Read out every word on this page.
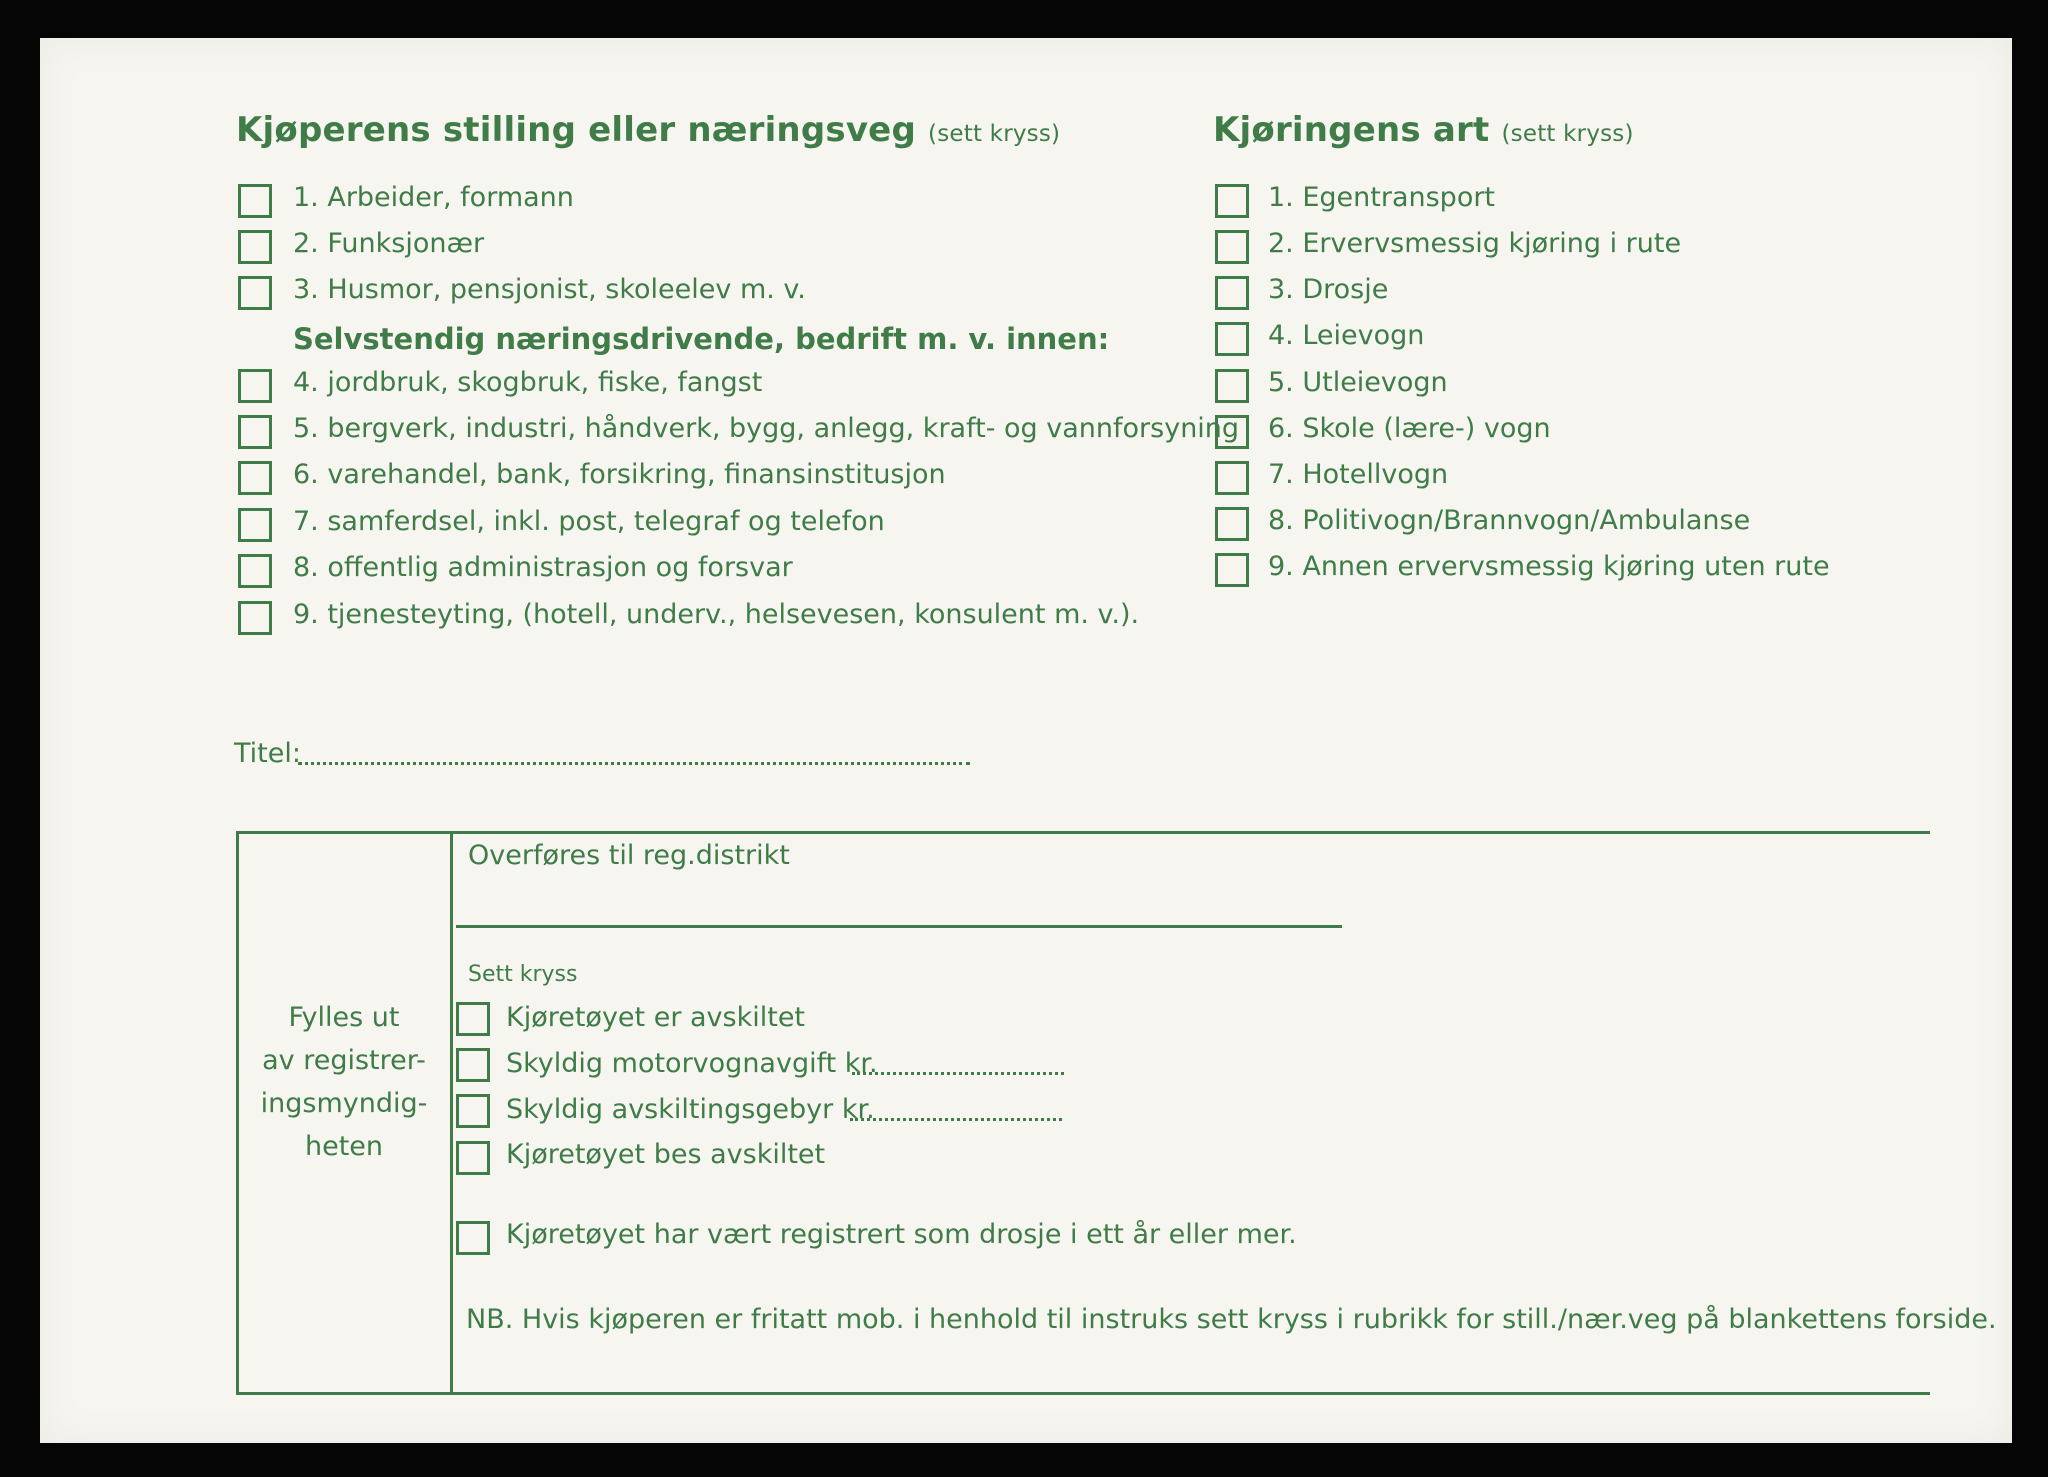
Kjøperens stilling eller næringsveg (sett kryss)	Kjøringens art (sett kryss)
1. Arbeider, formann
2. Funksjonær
3. Husmor, pensjonist, skoleelev m. v.
Selvstendig næringsdrivende, bedrift m. v. innen:
4. jordbruk, skogbruk, fiske, fangst
5. bergverk, industri, håndverk, bygg, anlegg, kraft- og vannforsyning
6. varehandel, bank, forsikring, finansinstitusjon
7. samferdsel, inkl. post, telegraf og telefon
8. offentlig administrasjon og forsvar
9. tjenesteyting, (hotell, underv., helsevesen, konsulent m. v.).
1. Egentransport
2. Ervervsmessig kjøring i rute
3. Drosje
4. Leievogn
5. Utleievogn
6. Skole (lære-) vogn
7. Hotellvogn
8. Politivogn/Brannvogn/Ambulanse
9. Annen ervervsmessig kjøring uten rute
Titel:
Fylles ut
av registrer-
ingsmyndig-
heten
Overføres til reg.distrikt
Sett kryss
Kjøretøyet er avskiltet
Skyldig motorvognavgift kr.
Skyldig avskiltingsgebyr kr.
Kjøretøyet bes avskiltet
Kjøretøyet har vært registrert som drosje i ett år eller mer.
NB. Hvis kjøperen er fritatt mob. i henhold til instruks sett kryss i rubrikk for still./nær.veg på blankettens forside.
